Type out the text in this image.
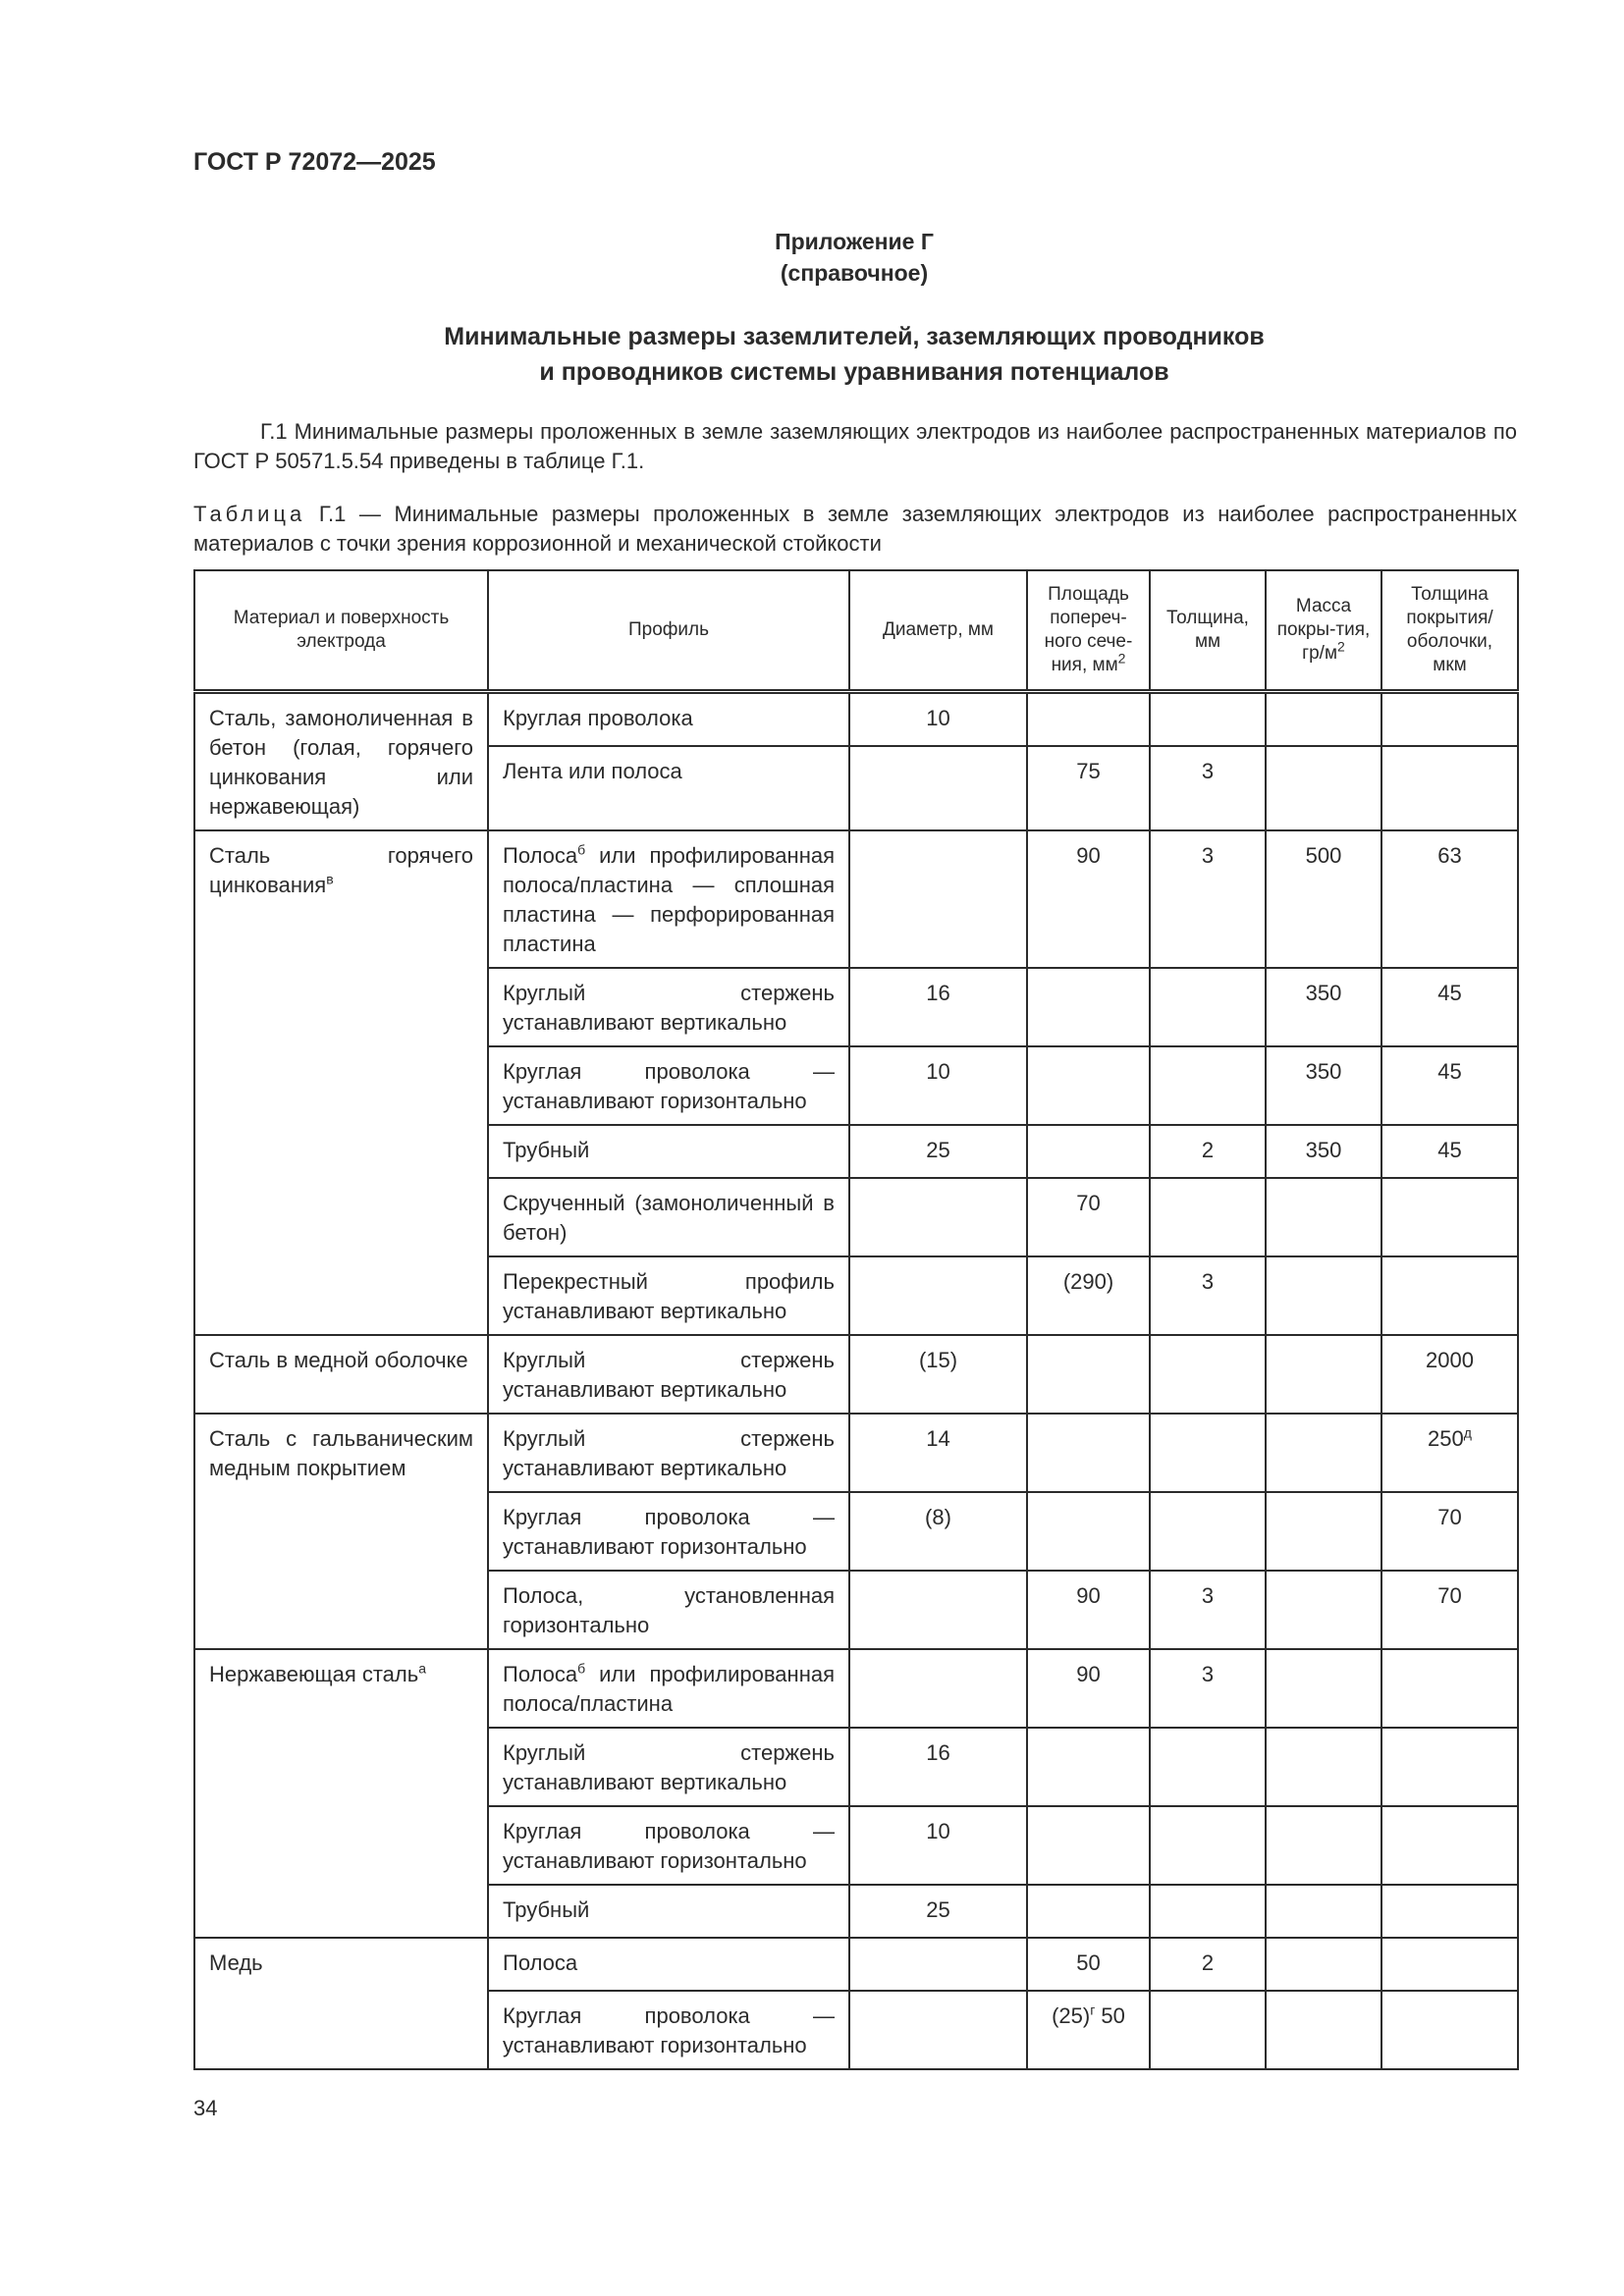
ГОСТ Р 72072—2025
Приложение Г
(справочное)
Минимальные размеры заземлителей, заземляющих проводников
и проводников системы уравнивания потенциалов
Г.1 Минимальные размеры проложенных в земле заземляющих электродов из наиболее распространенных материалов по ГОСТ Р 50571.5.54 приведены в таблице Г.1.
Таблица Г.1 — Минимальные размеры проложенных в земле заземляющих электродов из наиболее распространенных материалов с точки зрения коррозионной и механической стойкости
Материал и поверхность электрода	Профиль	Диаметр, мм	Площадь попереч-ного сече-ния, $мм^2$	Толщина, мм	Масса покры-тия, $гр/м^2$	Толщина покрытия/ оболочки, мкм
Сталь, замоноличенная в бетон (голая, горячего цинкования или нержавеющая)	Круглая проволока	10				
	Лента или полоса		75	3		
Сталь горячего цинкования$^в$	Полоса$^б$ или профилированная полоса/пластина — сплошная пластина — перфорированная пластина		90	3	500	63
	Круглый стержень устанавливают вертикально	16			350	45
	Круглая проволока — устанавливают горизонтально	10			350	45
	Трубный	25		2	350	45
	Скрученный (замоноличенный в бетон)		70			
	Перекрестный профиль устанавливают вертикально		(290)	3		
Сталь в медной оболочке	Круглый стержень устанавливают вертикально	(15)				2000
Сталь с гальваническим медным покрытием	Круглый стержень устанавливают вертикально	14				$250^д$
	Круглая проволока — устанавливают горизонтально	(8)				70
	Полоса, установленная горизонтально		90	3		70
Нержавеющая сталь$^а$	Полоса$^б$ или профилированная полоса/пластина		90	3		
	Круглый стержень устанавливают вертикально	16				
	Круглая проволока — устанавливают горизонтально	10				
	Трубный	25				
Медь	Полоса		50	2		
	Круглая проволока — устанавливают горизонтально		$(25)^г$ 50			
34
